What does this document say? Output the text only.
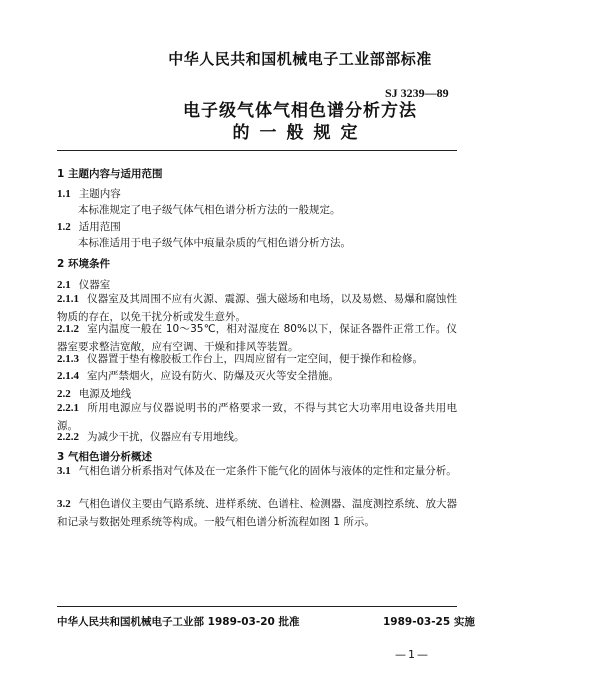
中华人民共和国机械电子工业部部标准
SJ 3239—89
电子级气体气相色谱分析方法
的一般规定
1 主题内容与适用范围
1.1 主题内容
本标准规定了电子级气体气相色谱分析方法的一般规定。
1.2 适用范围
本标准适用于电子级气体中痕量杂质的气相色谱分析方法。
2 环境条件
2.1 仪器室
2.1.1 仪器室及其周围不应有火源、震源、强大磁场和电场，以及易燃、易爆和腐蚀性物质的存在，以免干扰分析或发生意外。
2.1.2 室内温度一般在 10～35℃，相对湿度在 80%以下，保证各器件正常工作。仪器室要求整洁宽敞，应有空调、干燥和排风等装置。
2.1.3 仪器置于垫有橡胶板工作台上，四周应留有一定空间，便于操作和检修。
2.1.4 室内严禁烟火，应设有防火、防爆及灭火等安全措施。
2.2 电源及地线
2.2.1 所用电源应与仪器说明书的严格要求一致，不得与其它大功率用电设备共用电源。
2.2.2 为减少干扰，仪器应有专用地线。
3 气相色谱分析概述
3.1 气相色谱分析系指对气体及在一定条件下能气化的固体与液体的定性和定量分析。
3.2 气相色谱仪主要由气路系统、进样系统、色谱柱、检测器、温度测控系统、放大器和记录与数据处理系统等构成。一般气相色谱分析流程如图 1 所示。
中华人民共和国机械电子工业部 1989-03-20 批准	1989-03-25 实施
—1—
